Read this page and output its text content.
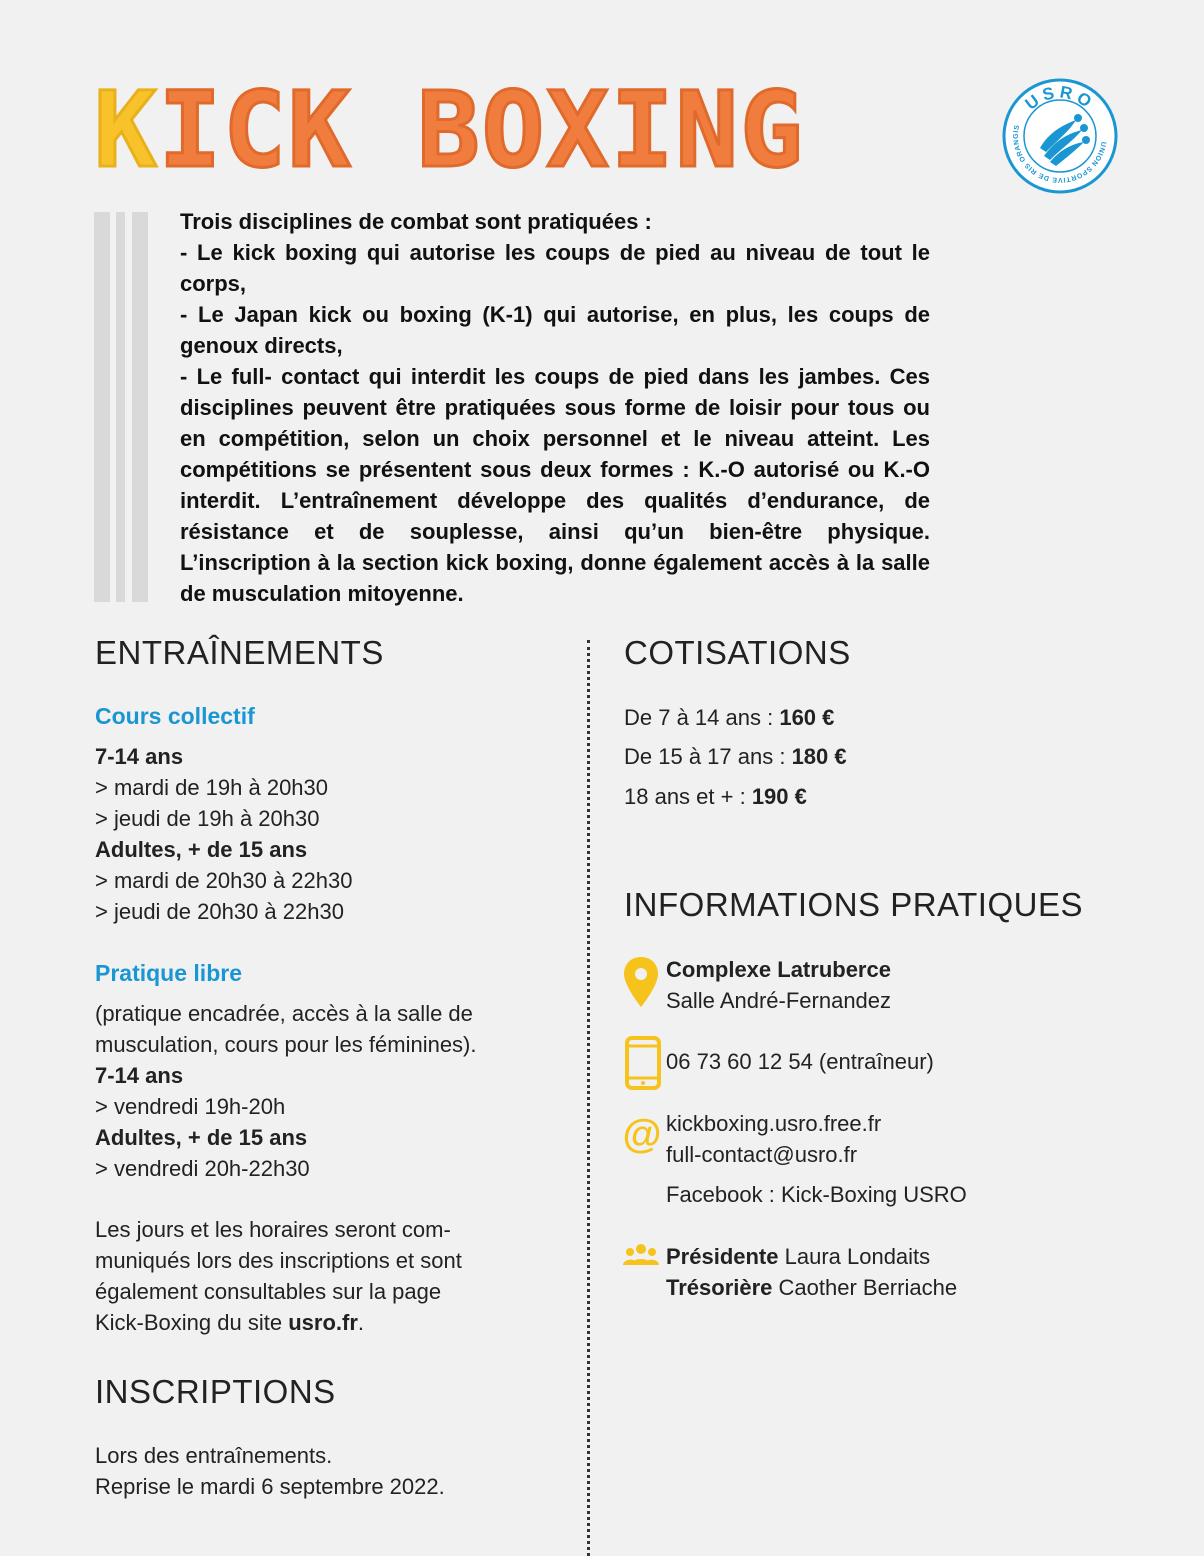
KICK BOXING	USRO
UNION SPORTIVE DE RIS ORANGIS

Trois disciplines de combat sont pratiquées :

- Le kick boxing qui autorise les coups de pied au niveau de tout le corps,

- Le Japan kick ou boxing (K-1) qui autorise, en plus, les coups de genoux directs,

- Le full- contact qui interdit les coups de pied dans les jambes. Ces disciplines peuvent être pratiquées sous forme de loisir pour tous ou en compétition, selon un choix personnel et le niveau atteint. Les compétitions se présentent sous deux formes : K.-O autorisé ou K.-O interdit. L’entraînement développe des qualités d’endurance, de résistance et de souplesse, ainsi qu’un bien-être physique. L’inscription à la section kick boxing, donne également accès à la salle de musculation mitoyenne.

ENTRAÎNEMENTS
Cours collectif
7-14 ans
> mardi de 19h à 20h30
> jeudi de 19h à 20h30
Adultes, + de 15 ans
> mardi de 20h30 à 22h30
> jeudi de 20h30 à 22h30
Pratique libre
(pratique encadrée, accès à la salle de
musculation, cours pour les féminines).
7-14 ans
> vendredi 19h-20h
Adultes, + de 15 ans
> vendredi 20h-22h30
Les jours et les horaires seront com-
muniqués lors des inscriptions et sont
également consultables sur la page
Kick-Boxing du site usro.fr.
INSCRIPTIONS
Lors des entraînements.
Reprise le mardi 6 septembre 2022.
COTISATIONS
De 7 à 14 ans : 160 €
De 15 à 17 ans : 180 €
18 ans et + : 190 €
INFORMATIONS PRATIQUES
Complexe Latruberce
Salle André-Fernandez
06 73 60 12 54 (entraîneur)
@ kickboxing.usro.free.fr
full-contact@usro.fr
Facebook : Kick-Boxing USRO
Présidente Laura Londaits
Trésorière Caother Berriache
